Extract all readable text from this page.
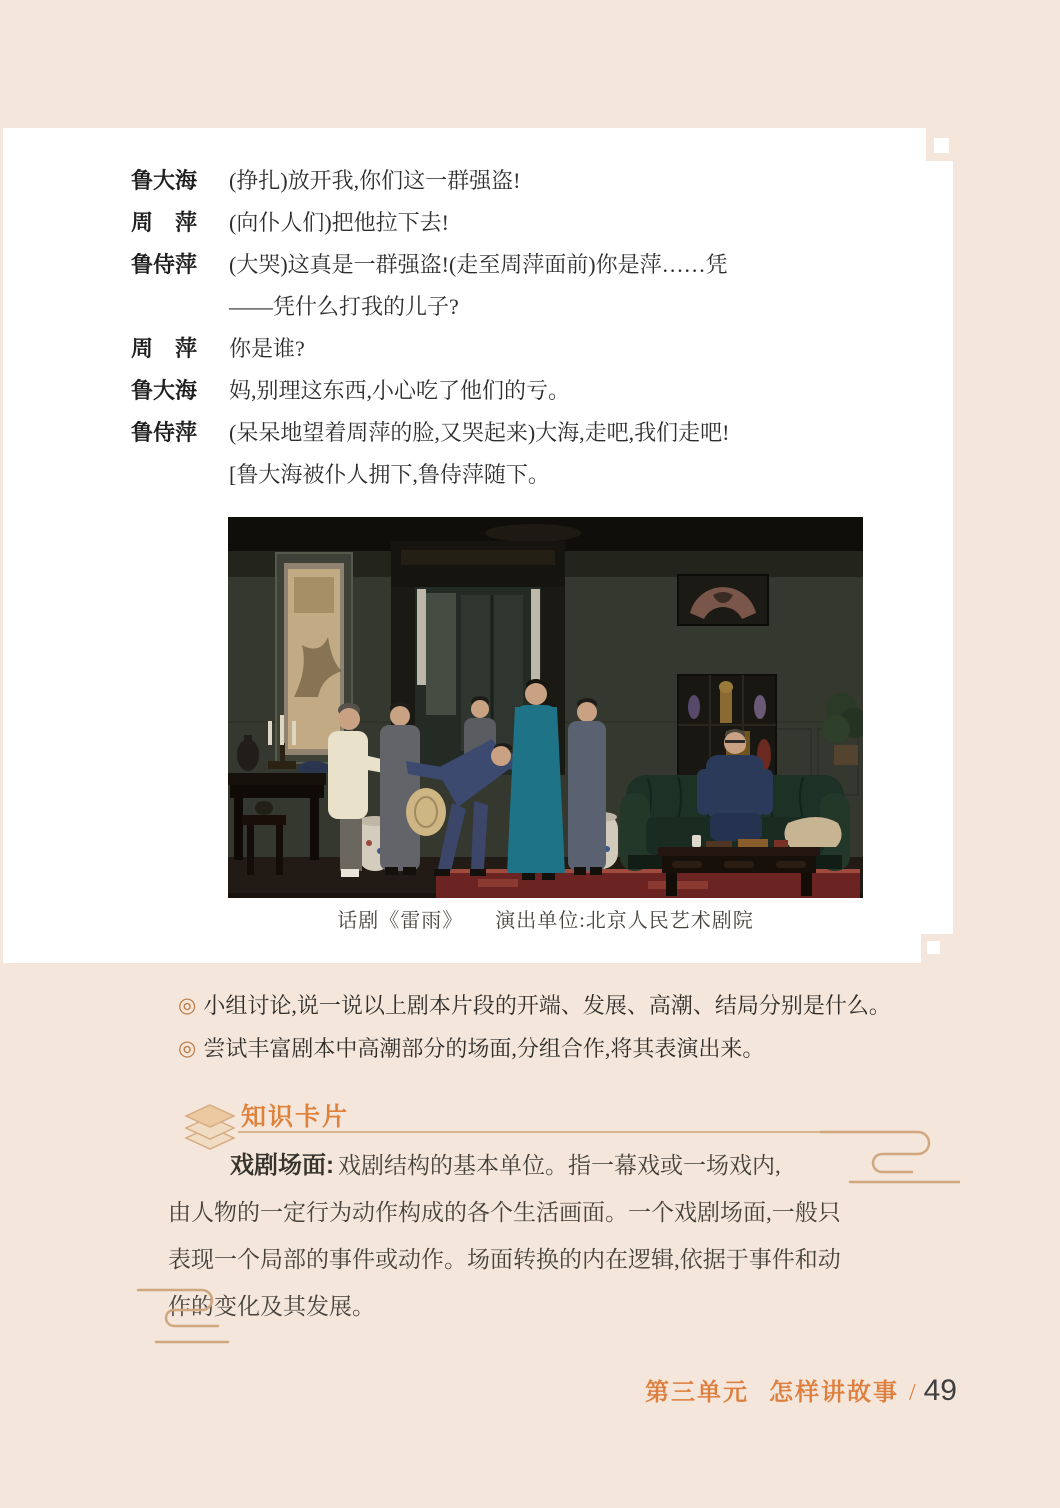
鲁大海 (挣扎)放开我,你们这一群强盗!
周　萍 (向仆人们)把他拉下去!
鲁侍萍 (大哭)这真是一群强盗!(走至周萍面前)你是萍……凭
——凭什么打我的儿子?
周　萍 你是谁?
鲁大海 妈,别理这东西,小心吃了他们的亏。
鲁侍萍 (呆呆地望着周萍的脸,又哭起来)大海,走吧,我们走吧!
[鲁大海被仆人拥下,鲁侍萍随下。
话剧《雷雨》　　演出单位:北京人民艺术剧院
◎ 小组讨论,说一说以上剧本片段的开端、发展、高潮、结局分别是什么。
◎ 尝试丰富剧本中高潮部分的场面,分组合作,将其表演出来。
知识卡片
戏剧场面: 戏剧结构的基本单位。指一幕戏或一场戏内,
由人物的一定行为动作构成的各个生活画面。一个戏剧场面,一般只
表现一个局部的事件或动作。场面转换的内在逻辑,依据于事件和动
作的变化及其发展。
第三单元 怎样讲故事 / 49
